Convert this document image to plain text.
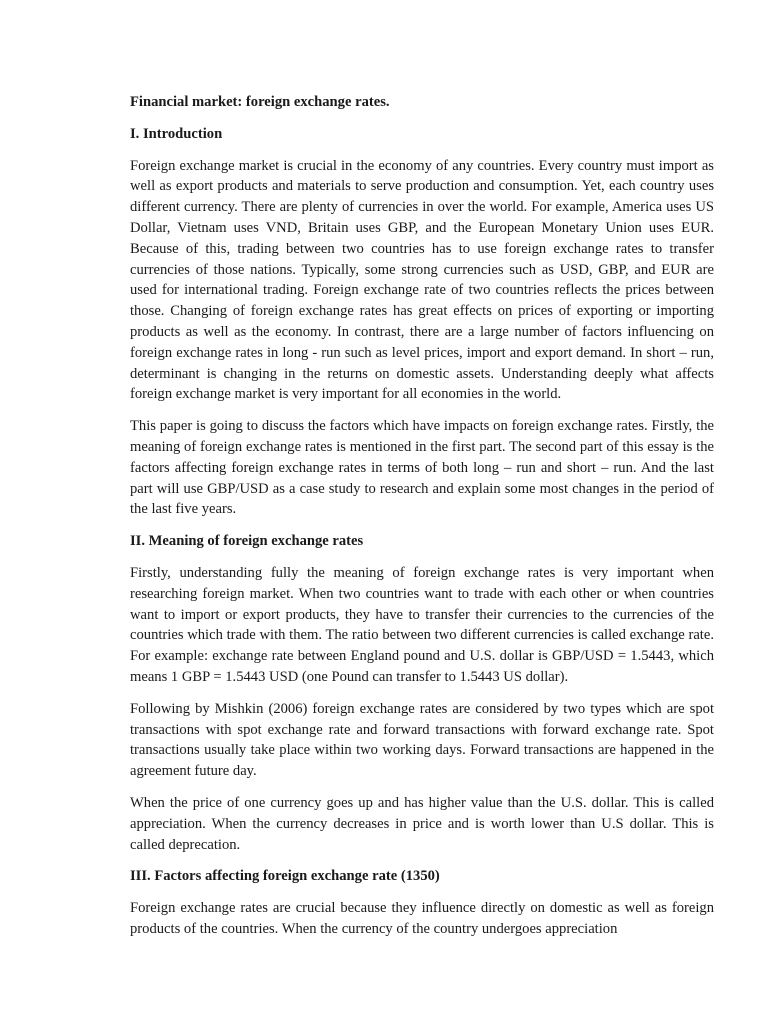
Financial market: foreign exchange rates.

I. Introduction

Foreign exchange market is crucial in the economy of any countries. Every country must import as well as export products and materials to serve production and consumption. Yet, each country uses different currency. There are plenty of currencies in over the world. For example, America uses US Dollar, Vietnam uses VND, Britain uses GBP, and the European Monetary Union uses EUR. Because of this, trading between two countries has to use foreign exchange rates to transfer currencies of those nations. Typically, some strong currencies such as USD, GBP, and EUR are used for international trading. Foreign exchange rate of two countries reflects the prices between those. Changing of foreign exchange rates has great effects on prices of exporting or importing products as well as the economy. In contrast, there are a large number of factors influencing on foreign exchange rates in long - run such as level prices, import and export demand. In short – run, determinant is changing in the returns on domestic assets. Understanding deeply what affects foreign exchange market is very important for all economies in the world.

This paper is going to discuss the factors which have impacts on foreign exchange rates. Firstly, the meaning of foreign exchange rates is mentioned in the first part. The second part of this essay is the factors affecting foreign exchange rates in terms of both long – run and short – run. And the last part will use GBP/USD as a case study to research and explain some most changes in the period of the last five years.

II. Meaning of foreign exchange rates

Firstly, understanding fully the meaning of foreign exchange rates is very important when researching foreign market. When two countries want to trade with each other or when countries want to import or export products, they have to transfer their currencies to the currencies of the countries which trade with them. The ratio between two different currencies is called exchange rate. For example: exchange rate between England pound and U.S. dollar is GBP/USD = 1.5443, which means 1 GBP = 1.5443 USD (one Pound can transfer to 1.5443 US dollar).

Following by Mishkin (2006) foreign exchange rates are considered by two types which are spot transactions with spot exchange rate and forward transactions with forward exchange rate. Spot transactions usually take place within two working days. Forward transactions are happened in the agreement future day.

When the price of one currency goes up and has higher value than the U.S. dollar. This is called appreciation. When the currency decreases in price and is worth lower than U.S dollar. This is called deprecation.

III. Factors affecting foreign exchange rate (1350)

Foreign exchange rates are crucial because they influence directly on domestic as well as foreign products of the countries. When the currency of the country undergoes appreciation
